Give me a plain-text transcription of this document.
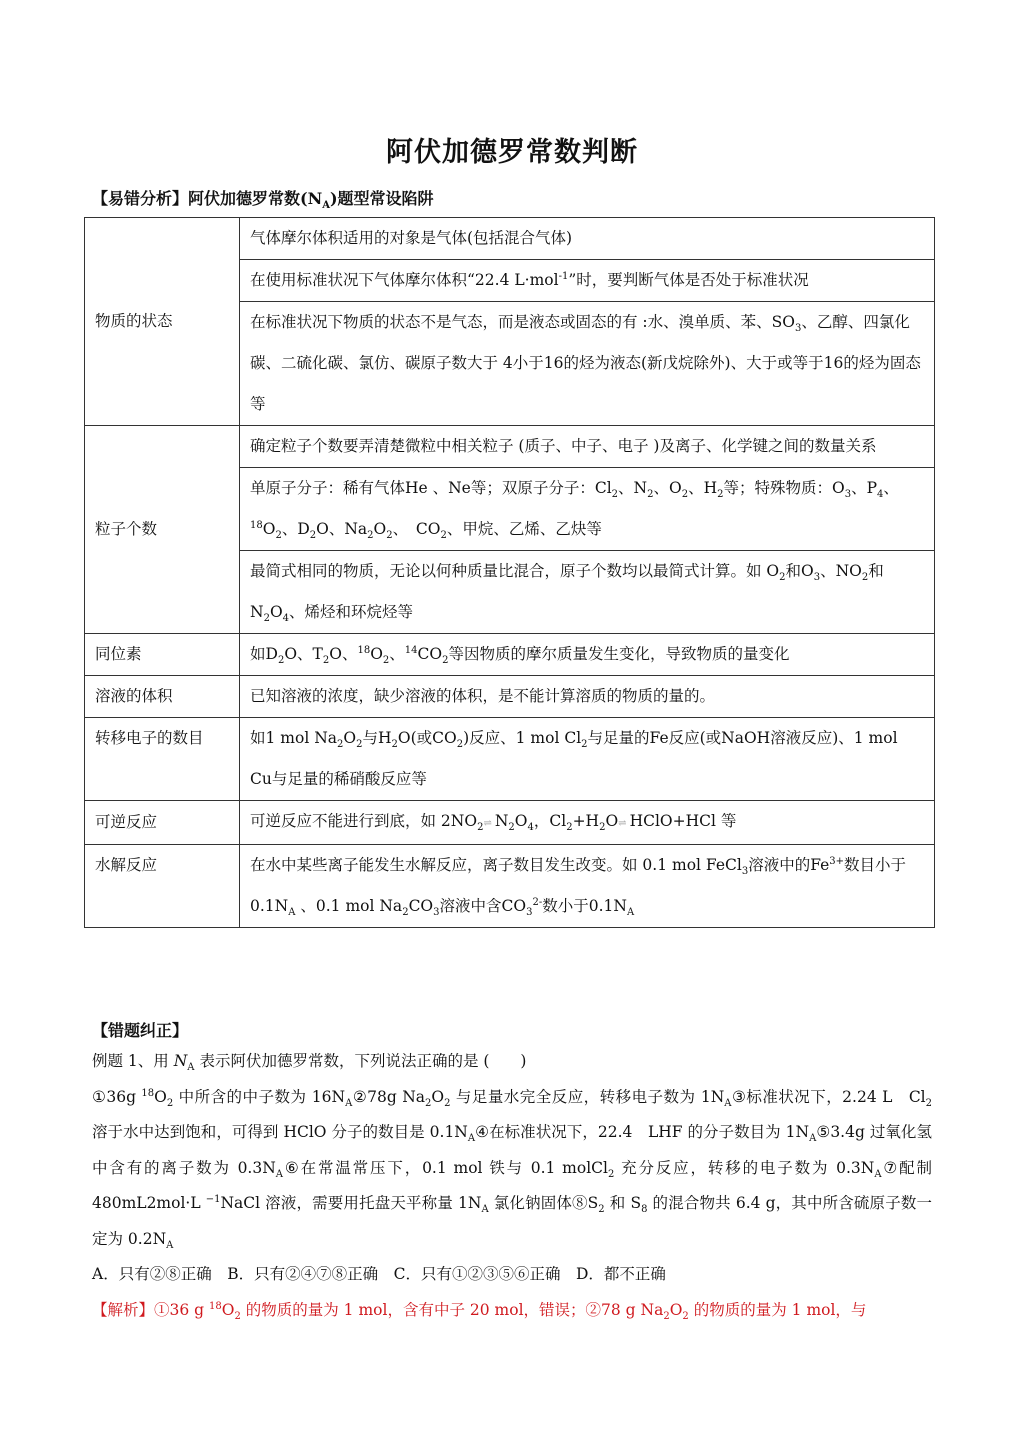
阿伏加德罗常数判断
【易错分析】阿伏加德罗常数$(N_A)$题型常设陷阱
物质的状态	气体摩尔体积适用的对象是气体(包括混合气体)
	在使用标准状况下气体摩尔体积“22.4 L·mol$^{-1}$”时，要判断气体是否处于标准状况
	在标准状况下物质的状态不是气态，而是液态或固态的有 :水、溴单质、苯、$SO_3$、乙醇、四氯化碳、二硫化碳、氯仿、碳原子数大于 4小于16的烃为液态(新戊烷除外)、大于或等于16的烃为固态等
粒子个数	确定粒子个数要弄清楚微粒中相关粒子 (质子、中子、电子 )及离子、化学键之间的数量关系
	单原子分子：稀有气体He 、Ne等；双原子分子：$Cl_2$、$N_2$、$O_2$、$H_2$等；特殊物质：$O_3$、$P_4$、$^{18}O_2$、$D_2O$、$Na_2O_2$、　$CO_2$、甲烷、乙烯、乙炔等
	最简式相同的物质，无论以何种质量比混合，原子个数均以最简式计算。如 $O_2$和$O_3$、$NO_2$和$N_2O_4$、烯烃和环烷烃等
同位素	如$D_2O$、$T_2O$、$^{18}O_2$、$^{14}CO_2$等因物质的摩尔质量发生变化，导致物质的量变化
溶液的体积	已知溶液的浓度，缺少溶液的体积，是不能计算溶质的物质的量的。
转移电子的数目	如1 mol $Na_2O_2$与$H_2O$(或$CO_2$)反应、1 mol $Cl_2$与足量的Fe反应(或NaOH溶液反应)、1 mol Cu与足量的稀硝酸反应等
可逆反应	可逆反应不能进行到底，如 $2NO_2\rightleftharpoons N_2O_4$，$Cl_2+H_2O\rightleftharpoons HClO+HCl$ 等
水解反应	在水中某些离子能发生水解反应，离子数目发生改变。如 0.1 mol FeCl$_3$溶液中的$Fe^{3+}$数目小于$0.1N_A$ 、0.1 mol $Na_2CO_3$溶液中含$CO_3^{2-}$数小于$0.1N_A$
【错题纠正】

例题 1、用 $N_A$ 表示阿伏加德罗常数，下列说法正确的是 (　　)

①36g $^{18}O_2$ 中所含的中子数为 $16N_A②78g$ $Na_2O_2$ 与足量水完全反应，转移电子数为 $1N_A③$标准状况下，2.24 L　$Cl_2$ 溶于水中达到饱和，可得到 HClO 分子的数目是 $0.1N_A④$在标准状况下，22.4　LHF 的分子数目为 $1N_A⑤3.4g$ 过氧化氢中含有的离子数为 $0.3N_A⑥$在常温常压下，0.1 mol 铁与 0.1 molCl$_2$ 充分反应，转移的电子数为 $0.3N_A⑦$配制 480mL2mol·L $^{-1}$NaCl 溶液，需要用托盘天平称量 $1N_A$ 氯化钠固体$⑧S_2$ 和 $S_8$ 的混合物共 6.4 g，其中所含硫原子数一定为 $0.2N_A$

A．只有②⑧正确　B．只有②④⑦⑧正确　C．只有①②③⑤⑥正确　D．都不正确

【解析】①36 g $^{18}O_2$ 的物质的量为 1 mol，含有中子 20 mol，错误；②78 g $Na_2O_2$ 的物质的量为 1 mol，与
